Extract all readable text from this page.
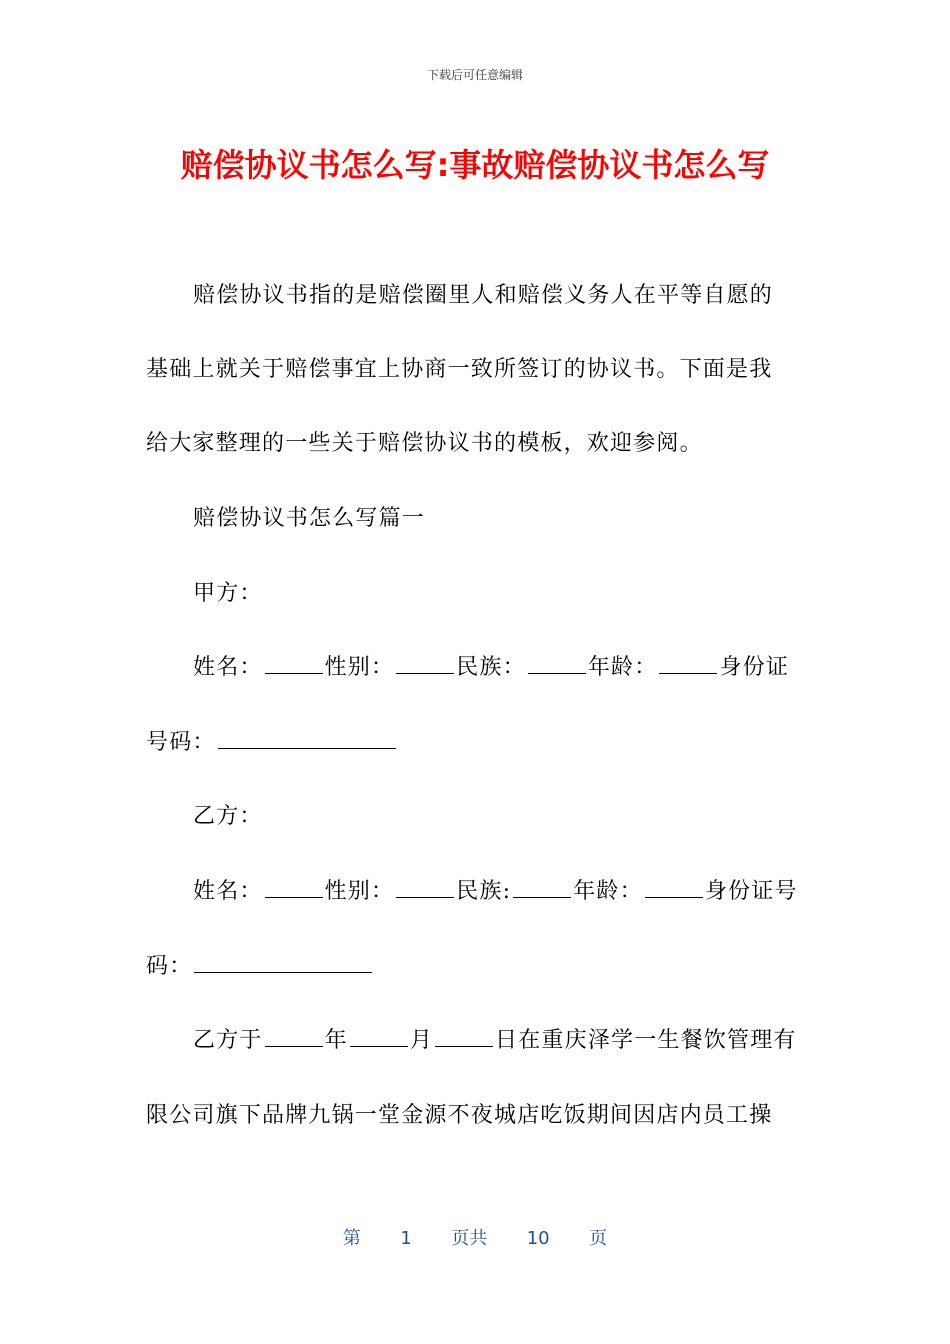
下载后可任意编辑
赔偿协议书怎么写:事故赔偿协议书怎么写
赔偿协议书指的是赔偿圈里人和赔偿义务人在平等自愿的
基础上就关于赔偿事宜上协商一致所签订的协议书。下面是我
给大家整理的一些关于赔偿协议书的模板，欢迎参阅。
赔偿协议书怎么写篇一
甲方：
姓名：	性别：	民族：	年龄：	身份证
号码：
乙方：
姓名：	性别：	民族:	年龄：	身份证号
码：
乙方于	年	月	日在重庆泽学一生餐饮管理有
限公司旗下品牌九锅一堂金源不夜城店吃饭期间因店内员工操
第 1 页共 10 页
